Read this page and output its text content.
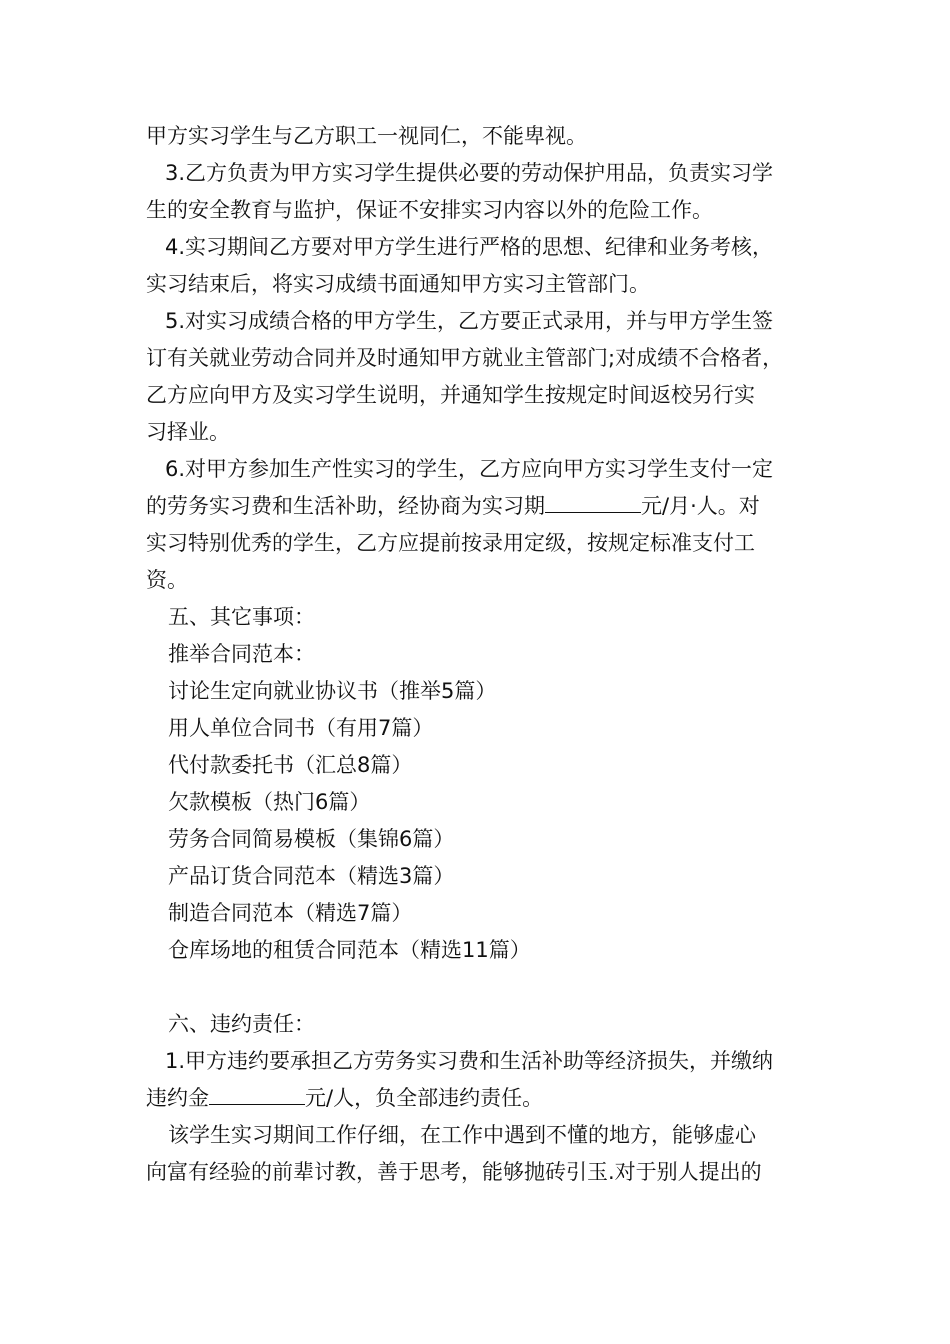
甲方实习学生与乙方职工一视同仁，不能卑视。
3.乙方负责为甲方实习学生提供必要的劳动保护用品，负责实习学
生的安全教育与监护，保证不安排实习内容以外的危险工作。
4.实习期间乙方要对甲方学生进行严格的思想、纪律和业务考核，
实习结束后，将实习成绩书面通知甲方实习主管部门。
5.对实习成绩合格的甲方学生，乙方要正式录用，并与甲方学生签
订有关就业劳动合同并及时通知甲方就业主管部门;对成绩不合格者，
乙方应向甲方及实习学生说明，并通知学生按规定时间返校另行实
习择业。
6.对甲方参加生产性实习的学生，乙方应向甲方实习学生支付一定
的劳务实习费和生活补助，经协商为实习期	元/月·人。对
实习特别优秀的学生，乙方应提前按录用定级，按规定标准支付工
资。
五、其它事项：
推举合同范本：
讨论生定向就业协议书（推举5篇）
用人单位合同书（有用7篇）
代付款委托书（汇总8篇）
欠款模板（热门6篇）
劳务合同简易模板（集锦6篇）
产品订货合同范本（精选3篇）
制造合同范本（精选7篇）
仓库场地的租赁合同范本（精选11篇）
六、违约责任：
1.甲方违约要承担乙方劳务实习费和生活补助等经济损失，并缴纳
违约金	元/人，负全部违约责任。
该学生实习期间工作仔细，在工作中遇到不懂的地方，能够虚心
向富有经验的前辈讨教，善于思考，能够抛砖引玉.对于别人提出的
